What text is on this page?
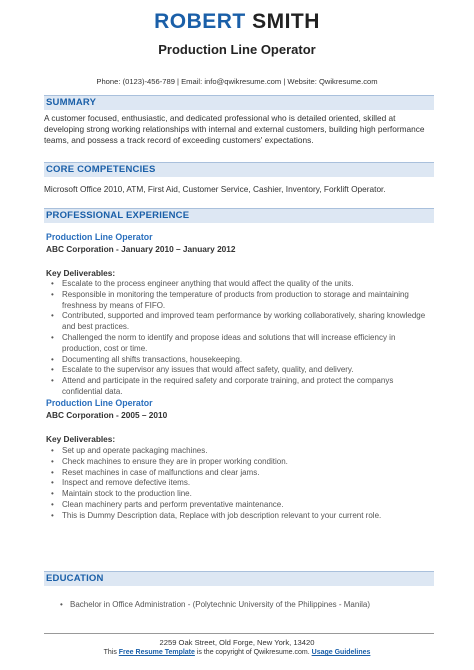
ROBERT SMITH
Production Line Operator
Phone: (0123)-456-789 | Email: info@qwikresume.com | Website: Qwikresume.com
SUMMARY
A customer focused, enthusiastic, and dedicated professional who is detailed oriented, skilled at developing strong working relationships with internal and external customers, building high performance teams, and possess a track record of exceeding customers' expectations.
CORE COMPETENCIES
Microsoft Office 2010, ATM, First Aid, Customer Service, Cashier, Inventory, Forklift Operator.
PROFESSIONAL EXPERIENCE
Production Line Operator
ABC Corporation - January 2010 – January 2012
Key Deliverables:
• Escalate to the process engineer anything that would affect the quality of the units.
• Responsible in monitoring the temperature of products from production to storage and maintaining freshness by means of FIFO.
• Contributed, supported and improved team performance by working collaboratively, sharing knowledge and best practices.
• Challenged the norm to identify and propose ideas and solutions that will increase efficiency in production, cost or time.
• Documenting all shifts transactions, housekeeping.
• Escalate to the supervisor any issues that would affect safety, quality, and delivery.
• Attend and participate in the required safety and corporate training, and protect the companys confidential data.
Production Line Operator
ABC Corporation - 2005 – 2010
Key Deliverables:
• Set up and operate packaging machines.
• Check machines to ensure they are in proper working condition.
• Reset machines in case of malfunctions and clear jams.
• Inspect and remove defective items.
• Maintain stock to the production line.
• Clean machinery parts and perform preventative maintenance.
• This is Dummy Description data, Replace with job description relevant to your current role.
EDUCATION
• Bachelor in Office Administration - (Polytechnic University of the Philippines - Manila)
2259 Oak Street, Old Forge, New York, 13420
This Free Resume Template is the copyright of Qwikresume.com. Usage Guidelines
